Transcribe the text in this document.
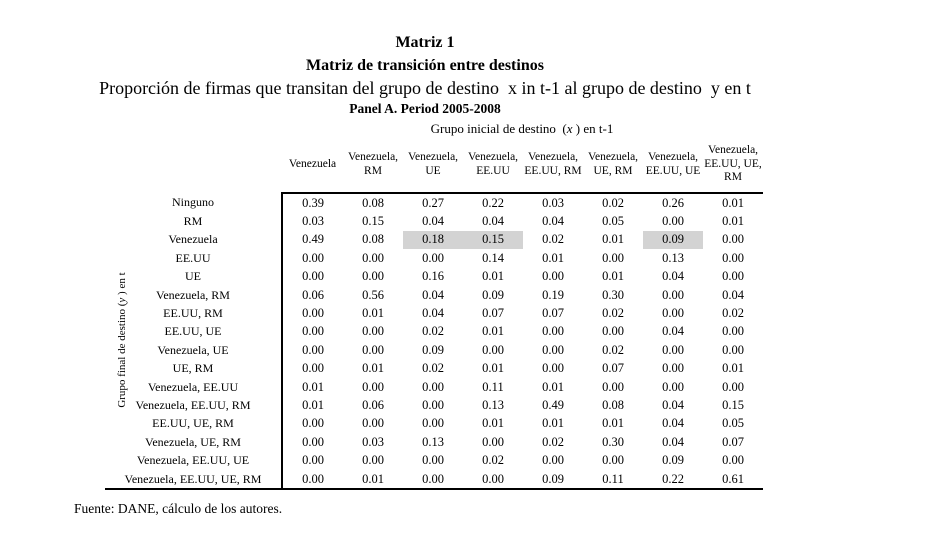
Matriz 1
Matriz de transición entre destinos
Proporción de firmas que transitan del grupo de destino  x in t-1 al grupo de destino  y en t
Panel A. Period 2005-2008
Grupo inicial de destino  (x ) en t-1
	Venezuela	Venezuela, RM	Venezuela, UE	Venezuela, EE.UU	Venezuela, EE.UU, RM	Venezuela, UE, RM	Venezuela, EE.UU, UE	Venezuela, EE.UU, UE, RM
Ninguno	0.39	0.08	0.27	0.22	0.03	0.02	0.26	0.01
RM	0.03	0.15	0.04	0.04	0.04	0.05	0.00	0.01
Venezuela	0.49	0.08	0.18	0.15	0.02	0.01	0.09	0.00
EE.UU	0.00	0.00	0.00	0.14	0.01	0.00	0.13	0.00
UE	0.00	0.00	0.16	0.01	0.00	0.01	0.04	0.00
Venezuela, RM	0.06	0.56	0.04	0.09	0.19	0.30	0.00	0.04
EE.UU, RM	0.00	0.01	0.04	0.07	0.07	0.02	0.00	0.02
EE.UU, UE	0.00	0.00	0.02	0.01	0.00	0.00	0.04	0.00
Venezuela, UE	0.00	0.00	0.09	0.00	0.00	0.02	0.00	0.00
UE, RM	0.00	0.01	0.02	0.01	0.00	0.07	0.00	0.01
Venezuela, EE.UU	0.01	0.00	0.00	0.11	0.01	0.00	0.00	0.00
Venezuela, EE.UU, RM	0.01	0.06	0.00	0.13	0.49	0.08	0.04	0.15
EE.UU, UE, RM	0.00	0.00	0.00	0.01	0.01	0.01	0.04	0.05
Venezuela, UE, RM	0.00	0.03	0.13	0.00	0.02	0.30	0.04	0.07
Venezuela, EE.UU, UE	0.00	0.00	0.00	0.02	0.00	0.00	0.09	0.00
Venezuela, EE.UU, UE, RM	0.00	0.01	0.00	0.00	0.09	0.11	0.22	0.61
Grupo final de destino (y ) en t
Fuente: DANE, cálculo de los autores.
